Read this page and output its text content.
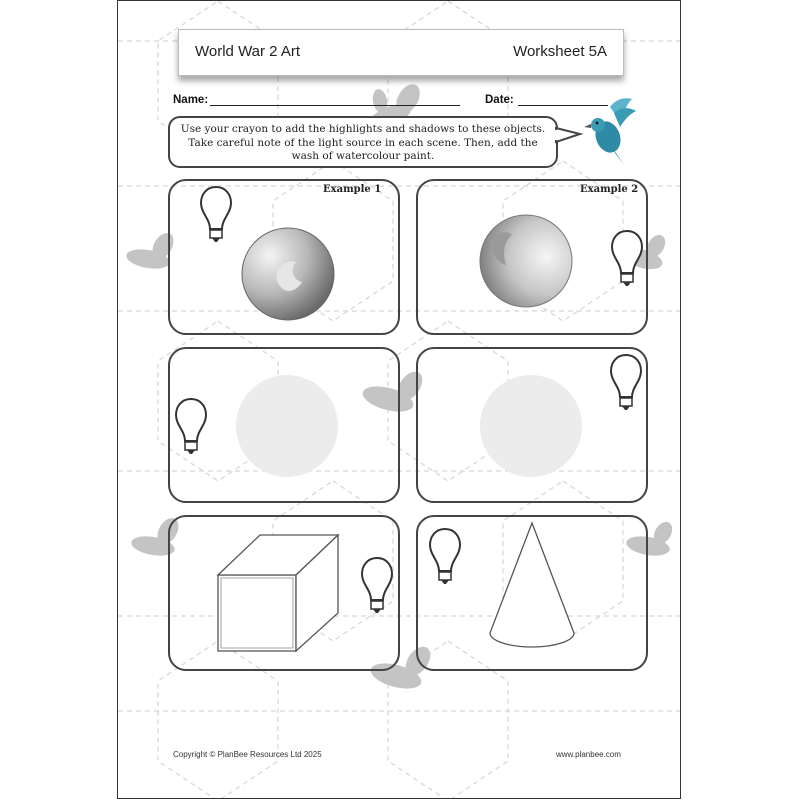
World War 2 Art	Worksheet 5A
Name:	Date:
Use your crayon to add the highlights and shadows to these objects. Take careful note of the light source in each scene. Then, add the wash of watercolour paint.
Example 1	Example 2
Copyright © PlanBee Resources Ltd 2025	www.planbee.com
